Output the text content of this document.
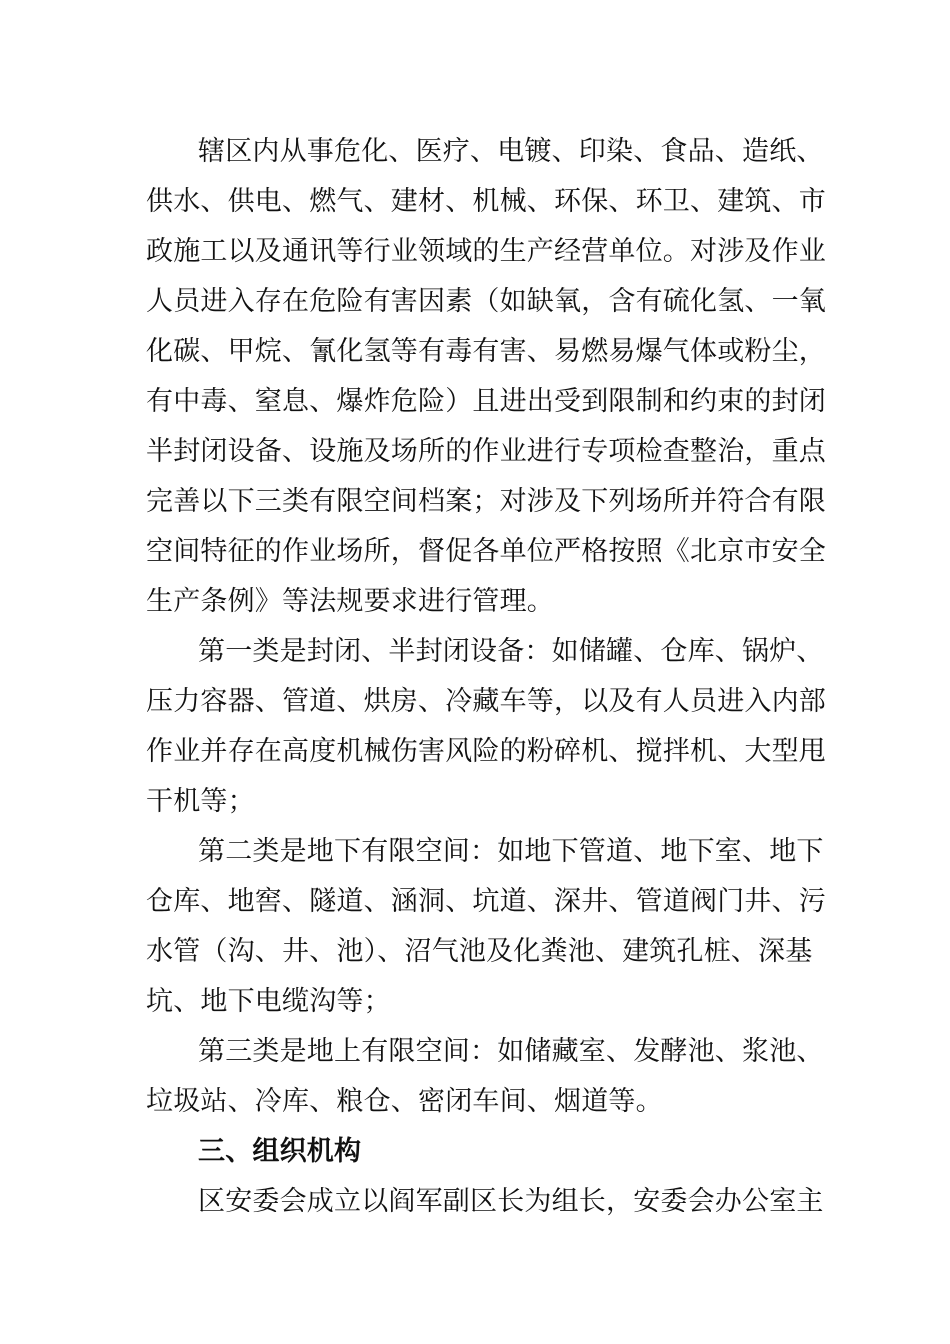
辖区内从事危化、医疗、电镀、印染、食品、造纸、
供水、供电、燃气、建材、机械、环保、环卫、建筑、市
政施工以及通讯等行业领域的生产经营单位。对涉及作业
人员进入存在危险有害因素（如缺氧，含有硫化氢、一氧
化碳、甲烷、氰化氢等有毒有害、易燃易爆气体或粉尘，
有中毒、窒息、爆炸危险）且进出受到限制和约束的封闭
半封闭设备、设施及场所的作业进行专项检查整治，重点
完善以下三类有限空间档案；对涉及下列场所并符合有限
空间特征的作业场所，督促各单位严格按照《北京市安全
生产条例》等法规要求进行管理。
第一类是封闭、半封闭设备：如储罐、仓库、锅炉、
压力容器、管道、烘房、冷藏车等，以及有人员进入内部
作业并存在高度机械伤害风险的粉碎机、搅拌机、大型甩
干机等；
第二类是地下有限空间：如地下管道、地下室、地下
仓库、地窖、隧道、涵洞、坑道、深井、管道阀门井、污
水管（沟、井、池）、沼气池及化粪池、建筑孔桩、深基
坑、地下电缆沟等；
第三类是地上有限空间：如储藏室、发酵池、浆池、
垃圾站、冷库、粮仓、密闭车间、烟道等。
三、组织机构
区安委会成立以阎军副区长为组长，安委会办公室主
